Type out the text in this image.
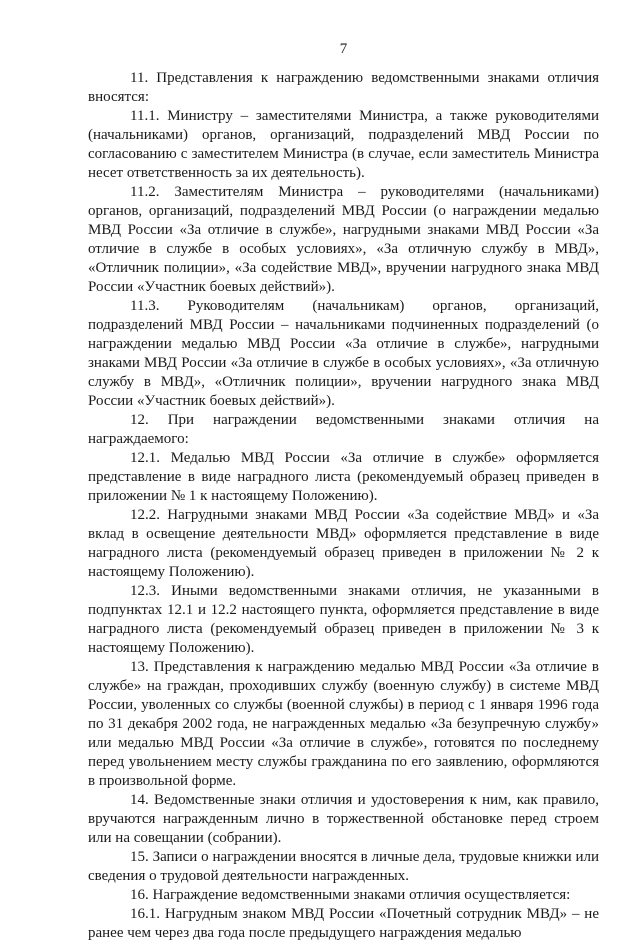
7

11. Представления к награждению ведомственными знаками отличия вносятся:

11.1. Министру – заместителями Министра, а также руководителями (начальниками) органов, организаций, подразделений МВД России по согласованию с заместителем Министра (в случае, если заместитель Министра несет ответственность за их деятельность).

11.2. Заместителям Министра – руководителями (начальниками) органов, организаций, подразделений МВД России (о награждении медалью МВД России «За отличие в службе», нагрудными знаками МВД России «За отличие в службе в особых условиях», «За отличную службу в МВД», «Отличник полиции», «За содействие МВД», вручении нагрудного знака МВД России «Участник боевых действий»).

11.3. Руководителям (начальникам) органов, организаций, подразделений МВД России – начальниками подчиненных подразделений (о награждении медалью МВД России «За отличие в службе», нагрудными знаками МВД России «За отличие в службе в особых условиях», «За отличную службу в МВД», «Отличник полиции», вручении нагрудного знака МВД России «Участник боевых действий»).

12. При награждении ведомственными знаками отличия на награждаемого:

12.1. Медалью МВД России «За отличие в службе» оформляется представление в виде наградного листа (рекомендуемый образец приведен в приложении № 1 к настоящему Положению).

12.2. Нагрудными знаками МВД России «За содействие МВД» и «За вклад в освещение деятельности МВД» оформляется представление в виде наградного листа (рекомендуемый образец приведен в приложении № 2 к настоящему Положению).

12.3. Иными ведомственными знаками отличия, не указанными в подпунктах 12.1 и 12.2 настоящего пункта, оформляется представление в виде наградного листа (рекомендуемый образец приведен в приложении № 3 к настоящему Положению).

13. Представления к награждению медалью МВД России «За отличие в службе» на граждан, проходивших службу (военную службу) в системе МВД России, уволенных со службы (военной службы) в период с 1 января 1996 года по 31 декабря 2002 года, не награжденных медалью «За безупречную службу» или медалью МВД России «За отличие в службе», готовятся по последнему перед увольнением месту службы гражданина по его заявлению, оформляются в произвольной форме.

14. Ведомственные знаки отличия и удостоверения к ним, как правило, вручаются награжденным лично в торжественной обстановке перед строем или на совещании (собрании).

15. Записи о награждении вносятся в личные дела, трудовые книжки или сведения о трудовой деятельности награжденных.

16. Награждение ведомственными знаками отличия осуществляется:

16.1. Нагрудным знаком МВД России «Почетный сотрудник МВД» – не ранее чем через два года после предыдущего награждения медалью
